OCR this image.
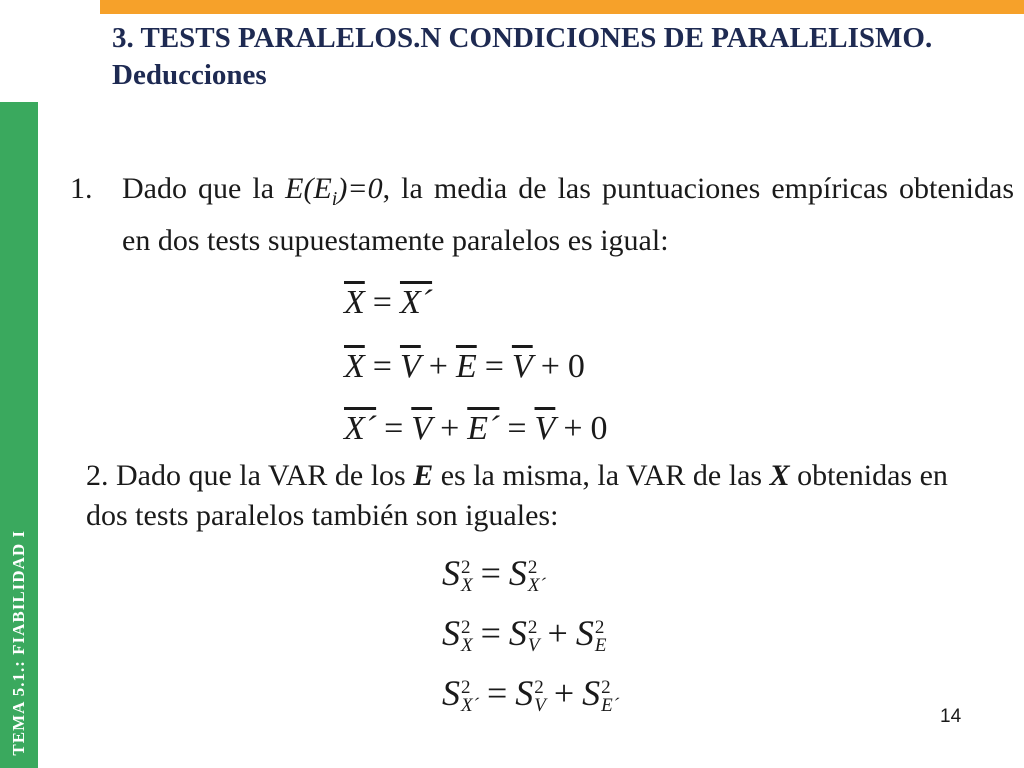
TEMA 5.1.: FIABILIDAD I
3. TESTS PARALELOS.N CONDICIONES DE PARALELISMO. Deducciones
1. Dado que la $E(E_i)=0$, la media de las puntuaciones empíricas obtenidas en dos tests supuestamente paralelos es igual:
$\overline{X}$ = X´
$\overline{X} = \overline{V} + \overline{E} = \overline{V} + 0$
X´ = $\overline{V}$ + E´ = $\overline{V} + 0$
2. Dado que la VAR de los E es la misma, la VAR de las X obtenidas en dos tests paralelos también son iguales:
S 2
X = S 2
X´
S 2
X = S 2
V + S 2
E
S 2
X´ = S 2
V + S 2
E´
14
